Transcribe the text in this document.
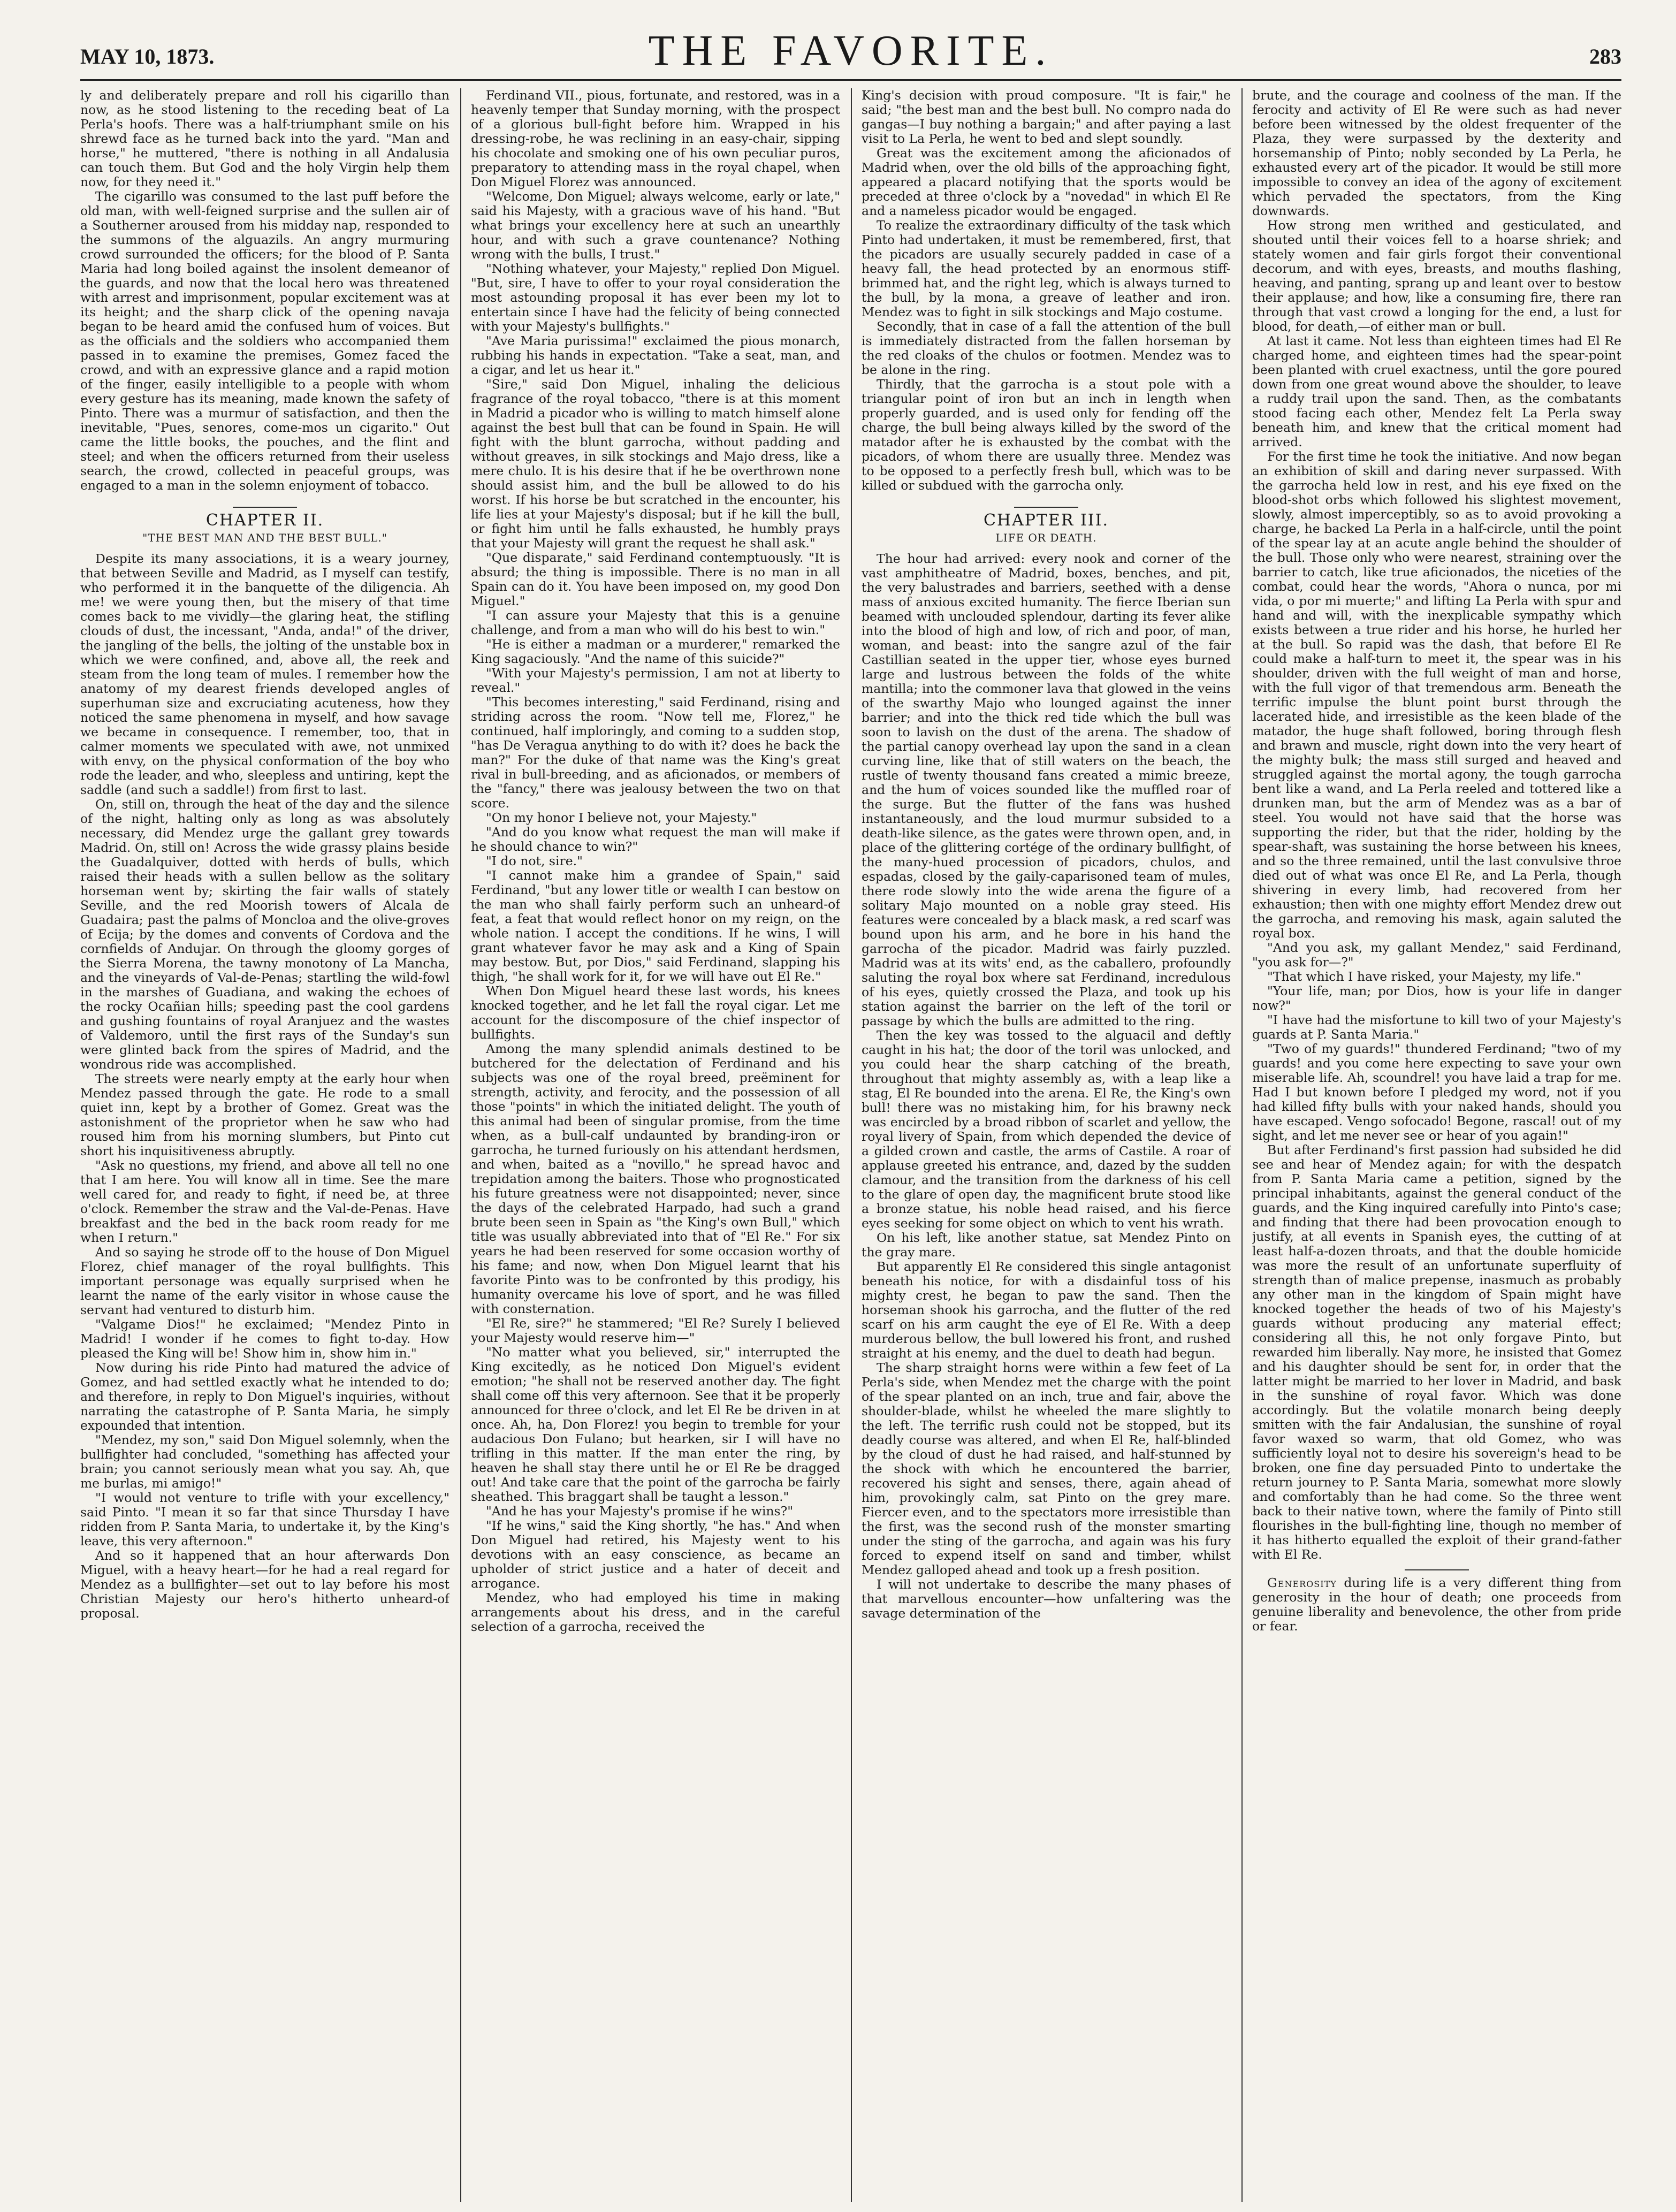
MAY 10, 1873.	THE FAVORITE.	283

ly and deliberately prepare and roll his cigarillo than now, as he stood listening to the receding beat of La Perla's hoofs. There was a half-triumphant smile on his shrewd face as he turned back into the yard. "Man and horse," he muttered, "there is nothing in all Andalusia can touch them. But God and the holy Virgin help them now, for they need it."

The cigarillo was consumed to the last puff before the old man, with well-feigned surprise and the sullen air of a Southerner aroused from his midday nap, responded to the summons of the alguazils. An angry murmuring crowd surrounded the officers; for the blood of P. Santa Maria had long boiled against the insolent demeanor of the guards, and now that the local hero was threatened with arrest and imprisonment, popular excitement was at its height; and the sharp click of the opening navaja began to be heard amid the confused hum of voices. But as the officials and the soldiers who accompanied them passed in to examine the premises, Gomez faced the crowd, and with an expressive glance and a rapid motion of the finger, easily intelligible to a people with whom every gesture has its meaning, made known the safety of Pinto. There was a murmur of satisfaction, and then the inevitable, "Pues, senores, come-mos un cigarito." Out came the little books, the pouches, and the flint and steel; and when the officers returned from their useless search, the crowd, collected in peaceful groups, was engaged to a man in the solemn enjoyment of tobacco.

CHAPTER II.
"THE BEST MAN AND THE BEST BULL."

Despite its many associations, it is a weary journey, that between Seville and Madrid, as I myself can testify, who performed it in the banquette of the diligencia. Ah me! we were young then, but the misery of that time comes back to me vividly—the glaring heat, the stifling clouds of dust, the incessant, "Anda, anda!" of the driver, the jangling of the bells, the jolting of the unstable box in which we were confined, and, above all, the reek and steam from the long team of mules. I remember how the anatomy of my dearest friends developed angles of superhuman size and excruciating acuteness, how they noticed the same phenomena in myself, and how savage we became in consequence. I remember, too, that in calmer moments we speculated with awe, not unmixed with envy, on the physical conformation of the boy who rode the leader, and who, sleepless and untiring, kept the saddle (and such a saddle!) from first to last.

On, still on, through the heat of the day and the silence of the night, halting only as long as was absolutely necessary, did Mendez urge the gallant grey towards Madrid. On, still on! Across the wide grassy plains beside the Guadalquiver, dotted with herds of bulls, which raised their heads with a sullen bellow as the solitary horseman went by; skirting the fair walls of stately Seville, and the red Moorish towers of Alcala de Guadaira; past the palms of Moncloa and the olive-groves of Ecija; by the domes and convents of Cordova and the cornfields of Andujar. On through the gloomy gorges of the Sierra Morena, the tawny monotony of La Mancha, and the vineyards of Val-de-Penas; startling the wild-fowl in the marshes of Guadiana, and waking the echoes of the rocky Ocañian hills; speeding past the cool gardens and gushing fountains of royal Aranjuez and the wastes of Valdemoro, until the first rays of the Sunday's sun were glinted back from the spires of Madrid, and the wondrous ride was accomplished.

The streets were nearly empty at the early hour when Mendez passed through the gate. He rode to a small quiet inn, kept by a brother of Gomez. Great was the astonishment of the proprietor when he saw who had roused him from his morning slumbers, but Pinto cut short his inquisitiveness abruptly.

"Ask no questions, my friend, and above all tell no one that I am here. You will know all in time. See the mare well cared for, and ready to fight, if need be, at three o'clock. Remember the straw and the Val-de-Penas. Have breakfast and the bed in the back room ready for me when I return."

And so saying he strode off to the house of Don Miguel Florez, chief manager of the royal bullfights. This important personage was equally surprised when he learnt the name of the early visitor in whose cause the servant had ventured to disturb him.

"Valgame Dios!" he exclaimed; "Mendez Pinto in Madrid! I wonder if he comes to fight to-day. How pleased the King will be! Show him in, show him in."

Now during his ride Pinto had matured the advice of Gomez, and had settled exactly what he intended to do; and therefore, in reply to Don Miguel's inquiries, without narrating the catastrophe of P. Santa Maria, he simply expounded that intention.

"Mendez, my son," said Don Miguel solemnly, when the bullfighter had concluded, "something has affected your brain; you cannot seriously mean what you say. Ah, que me burlas, mi amigo!"

"I would not venture to trifle with your excellency," said Pinto. "I mean it so far that since Thursday I have ridden from P. Santa Maria, to undertake it, by the King's leave, this very afternoon."

And so it happened that an hour afterwards Don Miguel, with a heavy heart—for he had a real regard for Mendez as a bullfighter—set out to lay before his most Christian Majesty our hero's hitherto unheard-of proposal.

Ferdinand VII., pious, fortunate, and restored, was in a heavenly temper that Sunday morning, with the prospect of a glorious bull-fight before him. Wrapped in his dressing-robe, he was reclining in an easy-chair, sipping his chocolate and smoking one of his own peculiar puros, preparatory to attending mass in the royal chapel, when Don Miguel Florez was announced.

"Welcome, Don Miguel; always welcome, early or late," said his Majesty, with a gracious wave of his hand. "But what brings your excellency here at such an unearthly hour, and with such a grave countenance? Nothing wrong with the bulls, I trust."

"Nothing whatever, your Majesty," replied Don Miguel. "But, sire, I have to offer to your royal consideration the most astounding proposal it has ever been my lot to entertain since I have had the felicity of being connected with your Majesty's bullfights."

"Ave Maria purissima!" exclaimed the pious monarch, rubbing his hands in expectation. "Take a seat, man, and a cigar, and let us hear it."

"Sire," said Don Miguel, inhaling the delicious fragrance of the royal tobacco, "there is at this moment in Madrid a picador who is willing to match himself alone against the best bull that can be found in Spain. He will fight with the blunt garrocha, without padding and without greaves, in silk stockings and Majo dress, like a mere chulo. It is his desire that if he be overthrown none should assist him, and the bull be allowed to do his worst. If his horse be but scratched in the encounter, his life lies at your Majesty's disposal; but if he kill the bull, or fight him until he falls exhausted, he humbly prays that your Majesty will grant the request he shall ask."

"Que disparate," said Ferdinand contemptuously. "It is absurd; the thing is impossible. There is no man in all Spain can do it. You have been imposed on, my good Don Miguel."

"I can assure your Majesty that this is a genuine challenge, and from a man who will do his best to win."

"He is either a madman or a murderer," remarked the King sagaciously. "And the name of this suicide?"

"With your Majesty's permission, I am not at liberty to reveal."

"This becomes interesting," said Ferdinand, rising and striding across the room. "Now tell me, Florez," he continued, half imploringly, and coming to a sudden stop, "has De Veragua anything to do with it? does he back the man?" For the duke of that name was the King's great rival in bull-breeding, and as aficionados, or members of the "fancy," there was jealousy between the two on that score.

"On my honor I believe not, your Majesty."

"And do you know what request the man will make if he should chance to win?"

"I do not, sire."

"I cannot make him a grandee of Spain," said Ferdinand, "but any lower title or wealth I can bestow on the man who shall fairly perform such an unheard-of feat, a feat that would reflect honor on my reign, on the whole nation. I accept the conditions. If he wins, I will grant whatever favor he may ask and a King of Spain may bestow. But, por Dios," said Ferdinand, slapping his thigh, "he shall work for it, for we will have out El Re."

When Don Miguel heard these last words, his knees knocked together, and he let fall the royal cigar. Let me account for the discomposure of the chief inspector of bullfights.

Among the many splendid animals destined to be butchered for the delectation of Ferdinand and his subjects was one of the royal breed, preëminent for strength, activity, and ferocity, and the possession of all those "points" in which the initiated delight. The youth of this animal had been of singular promise, from the time when, as a bull-calf undaunted by branding-iron or garrocha, he turned furiously on his attendant herdsmen, and when, baited as a "novillo," he spread havoc and trepidation among the baiters. Those who prognosticated his future greatness were not disappointed; never, since the days of the celebrated Harpado, had such a grand brute been seen in Spain as "the King's own Bull," which title was usually abbreviated into that of "El Re." For six years he had been reserved for some occasion worthy of his fame; and now, when Don Miguel learnt that his favorite Pinto was to be confronted by this prodigy, his humanity overcame his love of sport, and he was filled with consternation.

"El Re, sire?" he stammered; "El Re? Surely I believed your Majesty would reserve him—"

"No matter what you believed, sir," interrupted the King excitedly, as he noticed Don Miguel's evident emotion; "he shall not be reserved another day. The fight shall come off this very afternoon. See that it be properly announced for three o'clock, and let El Re be driven in at once. Ah, ha, Don Florez! you begin to tremble for your audacious Don Fulano; but hearken, sir I will have no trifling in this matter. If the man enter the ring, by heaven he shall stay there until he or El Re be dragged out! And take care that the point of the garrocha be fairly sheathed. This braggart shall be taught a lesson."

"And he has your Majesty's promise if he wins?"

"If he wins," said the King shortly, "he has." And when Don Miguel had retired, his Majesty went to his devotions with an easy conscience, as became an upholder of strict justice and a hater of deceit and arrogance.

Mendez, who had employed his time in making arrangements about his dress, and in the careful selection of a garrocha, received the

King's decision with proud composure. "It is fair," he said; "the best man and the best bull. No compro nada do gangas—I buy nothing a bargain;" and after paying a last visit to La Perla, he went to bed and slept soundly.

Great was the excitement among the aficionados of Madrid when, over the old bills of the approaching fight, appeared a placard notifying that the sports would be preceded at three o'clock by a "novedad" in which El Re and a nameless picador would be engaged.

To realize the extraordinary difficulty of the task which Pinto had undertaken, it must be remembered, first, that the picadors are usually securely padded in case of a heavy fall, the head protected by an enormous stiff-brimmed hat, and the right leg, which is always turned to the bull, by la mona, a greave of leather and iron. Mendez was to fight in silk stockings and Majo costume.

Secondly, that in case of a fall the attention of the bull is immediately distracted from the fallen horseman by the red cloaks of the chulos or footmen. Mendez was to be alone in the ring.

Thirdly, that the garrocha is a stout pole with a triangular point of iron but an inch in length when properly guarded, and is used only for fending off the charge, the bull being always killed by the sword of the matador after he is exhausted by the combat with the picadors, of whom there are usually three. Mendez was to be opposed to a perfectly fresh bull, which was to be killed or subdued with the garrocha only.

CHAPTER III.
LIFE OR DEATH.

The hour had arrived: every nook and corner of the vast amphitheatre of Madrid, boxes, benches, and pit, the very balustrades and barriers, seethed with a dense mass of anxious excited humanity. The fierce Iberian sun beamed with unclouded splendour, darting its fever alike into the blood of high and low, of rich and poor, of man, woman, and beast: into the sangre azul of the fair Castillian seated in the upper tier, whose eyes burned large and lustrous between the folds of the white mantilla; into the commoner lava that glowed in the veins of the swarthy Majo who lounged against the inner barrier; and into the thick red tide which the bull was soon to lavish on the dust of the arena. The shadow of the partial canopy overhead lay upon the sand in a clean curving line, like that of still waters on the beach, the rustle of twenty thousand fans created a mimic breeze, and the hum of voices sounded like the muffled roar of the surge. But the flutter of the fans was hushed instantaneously, and the loud murmur subsided to a death-like silence, as the gates were thrown open, and, in place of the glittering cortége of the ordinary bullfight, of the many-hued procession of picadors, chulos, and espadas, closed by the gaily-caparisoned team of mules, there rode slowly into the wide arena the figure of a solitary Majo mounted on a noble gray steed. His features were concealed by a black mask, a red scarf was bound upon his arm, and he bore in his hand the garrocha of the picador. Madrid was fairly puzzled. Madrid was at its wits' end, as the caballero, profoundly saluting the royal box where sat Ferdinand, incredulous of his eyes, quietly crossed the Plaza, and took up his station against the barrier on the left of the toril or passage by which the bulls are admitted to the ring.

Then the key was tossed to the alguacil and deftly caught in his hat; the door of the toril was unlocked, and you could hear the sharp catching of the breath, throughout that mighty assembly as, with a leap like a stag, El Re bounded into the arena. El Re, the King's own bull! there was no mistaking him, for his brawny neck was encircled by a broad ribbon of scarlet and yellow, the royal livery of Spain, from which depended the device of a gilded crown and castle, the arms of Castile. A roar of applause greeted his entrance, and, dazed by the sudden clamour, and the transition from the darkness of his cell to the glare of open day, the magnificent brute stood like a bronze statue, his noble head raised, and his fierce eyes seeking for some object on which to vent his wrath.

On his left, like another statue, sat Mendez Pinto on the gray mare.

But apparently El Re considered this single antagonist beneath his notice, for with a disdainful toss of his mighty crest, he began to paw the sand. Then the horseman shook his garrocha, and the flutter of the red scarf on his arm caught the eye of El Re. With a deep murderous bellow, the bull lowered his front, and rushed straight at his enemy, and the duel to death had begun.

The sharp straight horns were within a few feet of La Perla's side, when Mendez met the charge with the point of the spear planted on an inch, true and fair, above the shoulder-blade, whilst he wheeled the mare slightly to the left. The terrific rush could not be stopped, but its deadly course was altered, and when El Re, half-blinded by the cloud of dust he had raised, and half-stunned by the shock with which he encountered the barrier, recovered his sight and senses, there, again ahead of him, provokingly calm, sat Pinto on the grey mare. Fiercer even, and to the spectators more irresistible than the first, was the second rush of the monster smarting under the sting of the garrocha, and again was his fury forced to expend itself on sand and timber, whilst Mendez galloped ahead and took up a fresh position.

I will not undertake to describe the many phases of that marvellous encounter—how unfaltering was the savage determination of the

brute, and the courage and coolness of the man. If the ferocity and activity of El Re were such as had never before been witnessed by the oldest frequenter of the Plaza, they were surpassed by the dexterity and horsemanship of Pinto; nobly seconded by La Perla, he exhausted every art of the picador. It would be still more impossible to convey an idea of the agony of excitement which pervaded the spectators, from the King downwards.

How strong men writhed and gesticulated, and shouted until their voices fell to a hoarse shriek; and stately women and fair girls forgot their conventional decorum, and with eyes, breasts, and mouths flashing, heaving, and panting, sprang up and leant over to bestow their applause; and how, like a consuming fire, there ran through that vast crowd a longing for the end, a lust for blood, for death,—of either man or bull.

At last it came. Not less than eighteen times had El Re charged home, and eighteen times had the spear-point been planted with cruel exactness, until the gore poured down from one great wound above the shoulder, to leave a ruddy trail upon the sand. Then, as the combatants stood facing each other, Mendez felt La Perla sway beneath him, and knew that the critical moment had arrived.

For the first time he took the initiative. And now began an exhibition of skill and daring never surpassed. With the garrocha held low in rest, and his eye fixed on the blood-shot orbs which followed his slightest movement, slowly, almost imperceptibly, so as to avoid provoking a charge, he backed La Perla in a half-circle, until the point of the spear lay at an acute angle behind the shoulder of the bull. Those only who were nearest, straining over the barrier to catch, like true aficionados, the niceties of the combat, could hear the words, "Ahora o nunca, por mi vida, o por mi muerte;" and lifting La Perla with spur and hand and will, with the inexplicable sympathy which exists between a true rider and his horse, he hurled her at the bull. So rapid was the dash, that before El Re could make a half-turn to meet it, the spear was in his shoulder, driven with the full weight of man and horse, with the full vigor of that tremendous arm. Beneath the terrific impulse the blunt point burst through the lacerated hide, and irresistible as the keen blade of the matador, the huge shaft followed, boring through flesh and brawn and muscle, right down into the very heart of the mighty bulk; the mass still surged and heaved and struggled against the mortal agony, the tough garrocha bent like a wand, and La Perla reeled and tottered like a drunken man, but the arm of Mendez was as a bar of steel. You would not have said that the horse was supporting the rider, but that the rider, holding by the spear-shaft, was sustaining the horse between his knees, and so the three remained, until the last convulsive throe died out of what was once El Re, and La Perla, though shivering in every limb, had recovered from her exhaustion; then with one mighty effort Mendez drew out the garrocha, and removing his mask, again saluted the royal box.

"And you ask, my gallant Mendez," said Ferdinand, "you ask for—?"

"That which I have risked, your Majesty, my life."

"Your life, man; por Dios, how is your life in danger now?"

"I have had the misfortune to kill two of your Majesty's guards at P. Santa Maria."

"Two of my guards!" thundered Ferdinand; "two of my guards! and you come here expecting to save your own miserable life. Ah, scoundrel! you have laid a trap for me. Had I but known before I pledged my word, not if you had killed fifty bulls with your naked hands, should you have escaped. Vengo sofocado! Begone, rascal! out of my sight, and let me never see or hear of you again!"

But after Ferdinand's first passion had subsided he did see and hear of Mendez again; for with the despatch from P. Santa Maria came a petition, signed by the principal inhabitants, against the general conduct of the guards, and the King inquired carefully into Pinto's case; and finding that there had been provocation enough to justify, at all events in Spanish eyes, the cutting of at least half-a-dozen throats, and that the double homicide was more the result of an unfortunate superfluity of strength than of malice prepense, inasmuch as probably any other man in the kingdom of Spain might have knocked together the heads of two of his Majesty's guards without producing any material effect; considering all this, he not only forgave Pinto, but rewarded him liberally. Nay more, he insisted that Gomez and his daughter should be sent for, in order that the latter might be married to her lover in Madrid, and bask in the sunshine of royal favor. Which was done accordingly. But the volatile monarch being deeply smitten with the fair Andalusian, the sunshine of royal favor waxed so warm, that old Gomez, who was sufficiently loyal not to desire his sovereign's head to be broken, one fine day persuaded Pinto to undertake the return journey to P. Santa Maria, somewhat more slowly and comfortably than he had come. So the three went back to their native town, where the family of Pinto still flourishes in the bull-fighting line, though no member of it has hitherto equalled the exploit of their grand-father with El Re.

Generosity during life is a very different thing from generosity in the hour of death; one proceeds from genuine liberality and benevolence, the other from pride or fear.
